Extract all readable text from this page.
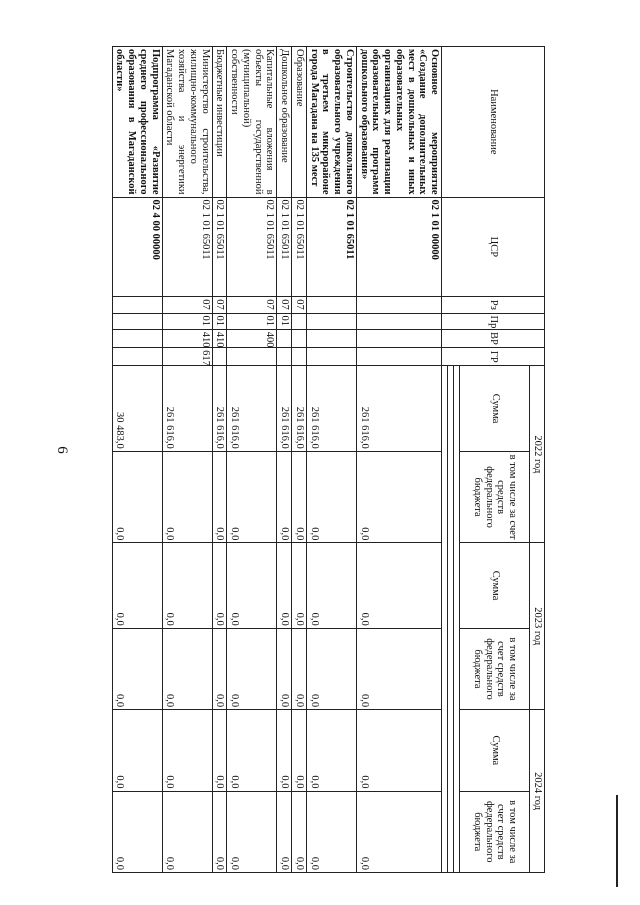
6
Наименование	ЦСР	Рз	Пр	ВР	ГР	2022 год		2023 год		2024 год	
						Сумма	в том числе за счет средств федерального бюджета	Сумма	в том числе за счет средств федерального бюджета	Сумма	в том числе за счет средств федерального бюджета

Основное мероприятие «Создание дополнительных мест в дошкольных и иных образовательных организациях для реализации образовательных программ дошкольного образования»	02 1 01 00000					261 616,0	0,0	0,0	0,0	0,0	0,0
Строительство дошкольного образовательного учреждения в третьем микрорайоне города Магадана на 135 мест	02 1 01 65011					261 616,0	0,0	0,0	0,0	0,0	0,0
Образование	02 1 01 65011	07				261 616,0	0,0	0,0	0,0	0,0	0,0
Дошкольное образование	02 1 01 65011	07	01			261 616,0	0,0	0,0	0,0	0,0	0,0
Капитальные вложения в объекты государственной (муниципальной) собственности	02 1 01 65011	07	01	400		261 616,0	0,0	0,0	0,0	0,0	0,0
Бюджетные инвестиции	02 1 01 65011	07	01	410		261 616,0	0,0	0,0	0,0	0,0	0,0
Министерство строительства, жилищно-коммунального хозяйства и энергетики Магаданской области	02 1 01 65011	07	01	410	617	261 616,0	0,0	0,0	0,0	0,0	0,0
Подпрограмма «Развитие среднего профессионального образования в Магаданской области»	02 4 00 00000					30 483,0	0,0	0,0	0,0	0,0	0,0
